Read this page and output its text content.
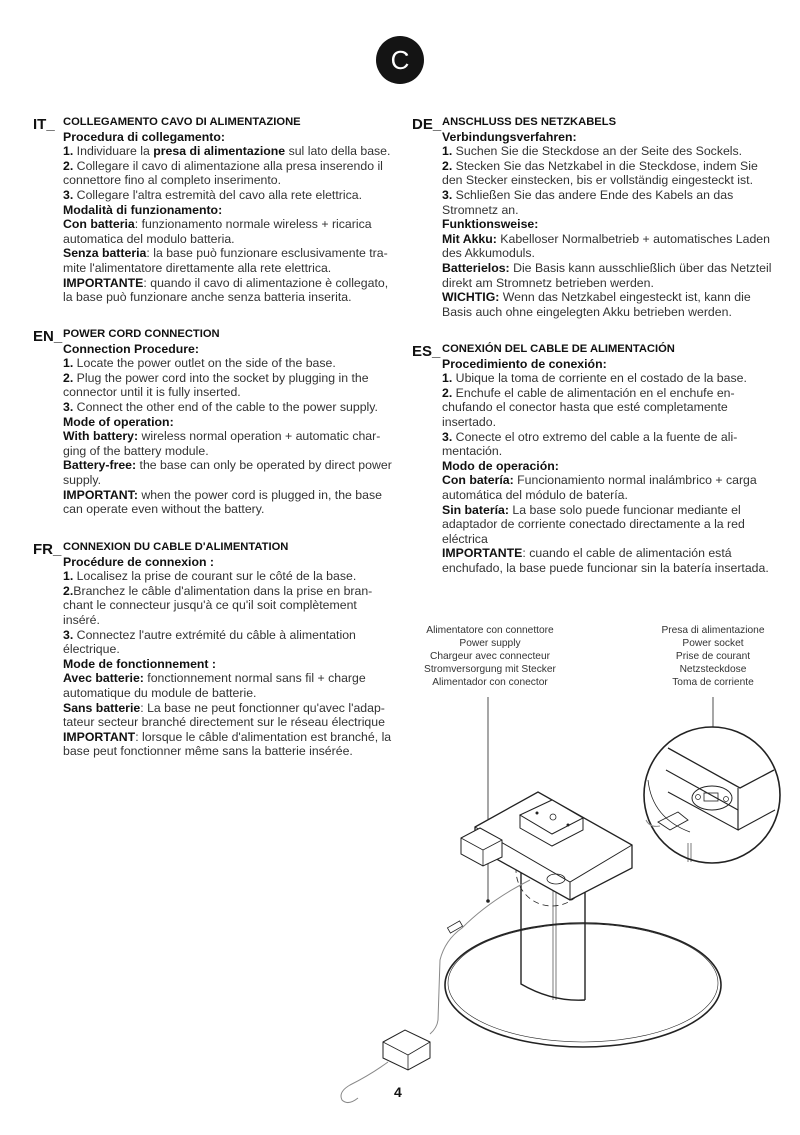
C
IT_ COLLEGAMENTO CAVO DI ALIMENTAZIONE

Procedura di collegamento:

1. Individuare la presa di alimentazione sul lato della base.

2. Collegare il cavo di alimentazione alla presa inserendo il connettore fino al completo inserimento.

3. Collegare l'altra estremità del cavo alla rete elettrica.

Modalità di funzionamento:

Con batteria: funzionamento normale wireless + ricarica automatica del modulo batteria.

Senza batteria: la base può funzionare esclusivamente tra-mite l'alimentatore direttamente alla rete elettrica.

IMPORTANTE: quando il cavo di alimentazione è collegato, la base può funzionare anche senza batteria inserita.

EN_ POWER CORD CONNECTION

Connection Procedure:

1. Locate the power outlet on the side of the base.

2. Plug the power cord into the socket by plugging in the connector until it is fully inserted.

3. Connect the other end of the cable to the power supply.

Mode of operation:

With battery: wireless normal operation + automatic char-ging of the battery module.

Battery-free: the base can only be operated by direct power supply.

IMPORTANT: when the power cord is plugged in, the base can operate even without the battery.

FR_ CONNEXION DU CABLE D'ALIMENTATION

Procédure de connexion :

1. Localisez la prise de courant sur le côté de la base.

2.Branchez le câble d'alimentation dans la prise en bran-chant le connecteur jusqu'à ce qu'il soit complètement inséré.

3. Connectez l'autre extrémité du câble à alimentation électrique.

Mode de fonctionnement :

Avec batterie: fonctionnement normal sans fil + charge automatique du module de batterie.

Sans batterie: La base ne peut fonctionner qu'avec l'adap-tateur secteur branché directement sur le réseau électrique

IMPORTANT: lorsque le câble d'alimentation est branché, la base peut fonctionner même sans la batterie insérée.

DE_ ANSCHLUSS DES NETZKABELS

Verbindungsverfahren:

1. Suchen Sie die Steckdose an der Seite des Sockels.

2. Stecken Sie das Netzkabel in die Steckdose, indem Sie den Stecker einstecken, bis er vollständig eingesteckt ist.

3. Schließen Sie das andere Ende des Kabels an das Stromnetz an.

Funktionsweise:

Mit Akku: Kabelloser Normalbetrieb + automatisches Laden des Akkumoduls.

Batterielos: Die Basis kann ausschließlich über das Netzteil direkt am Stromnetz betrieben werden.

WICHTIG: Wenn das Netzkabel eingesteckt ist, kann die Basis auch ohne eingelegten Akku betrieben werden.

ES_ CONEXIÓN DEL CABLE DE ALIMENTACIÓN

Procedimiento de conexión:

1. Ubique la toma de corriente en el costado de la base.

2. Enchufe el cable de alimentación en el enchufe en-chufando el conector hasta que esté completamente insertado.

3. Conecte el otro extremo del cable a la fuente de ali-mentación.

Modo de operación:

Con batería: Funcionamiento normal inalámbrico + carga automática del módulo de batería.

Sin batería: La base solo puede funcionar mediante el adaptador de corriente conectado directamente a la red eléctrica

IMPORTANTE: cuando el cable de alimentación está enchufado, la base puede funcionar sin la batería insertada.

Alimentatore con connettore
Power supply
Chargeur avec connecteur
Stromversorgung mit Stecker
Alimentador con conector
Presa di alimentazione
Power socket
Prise de courant
Netzsteckdose
Toma de corriente
4
